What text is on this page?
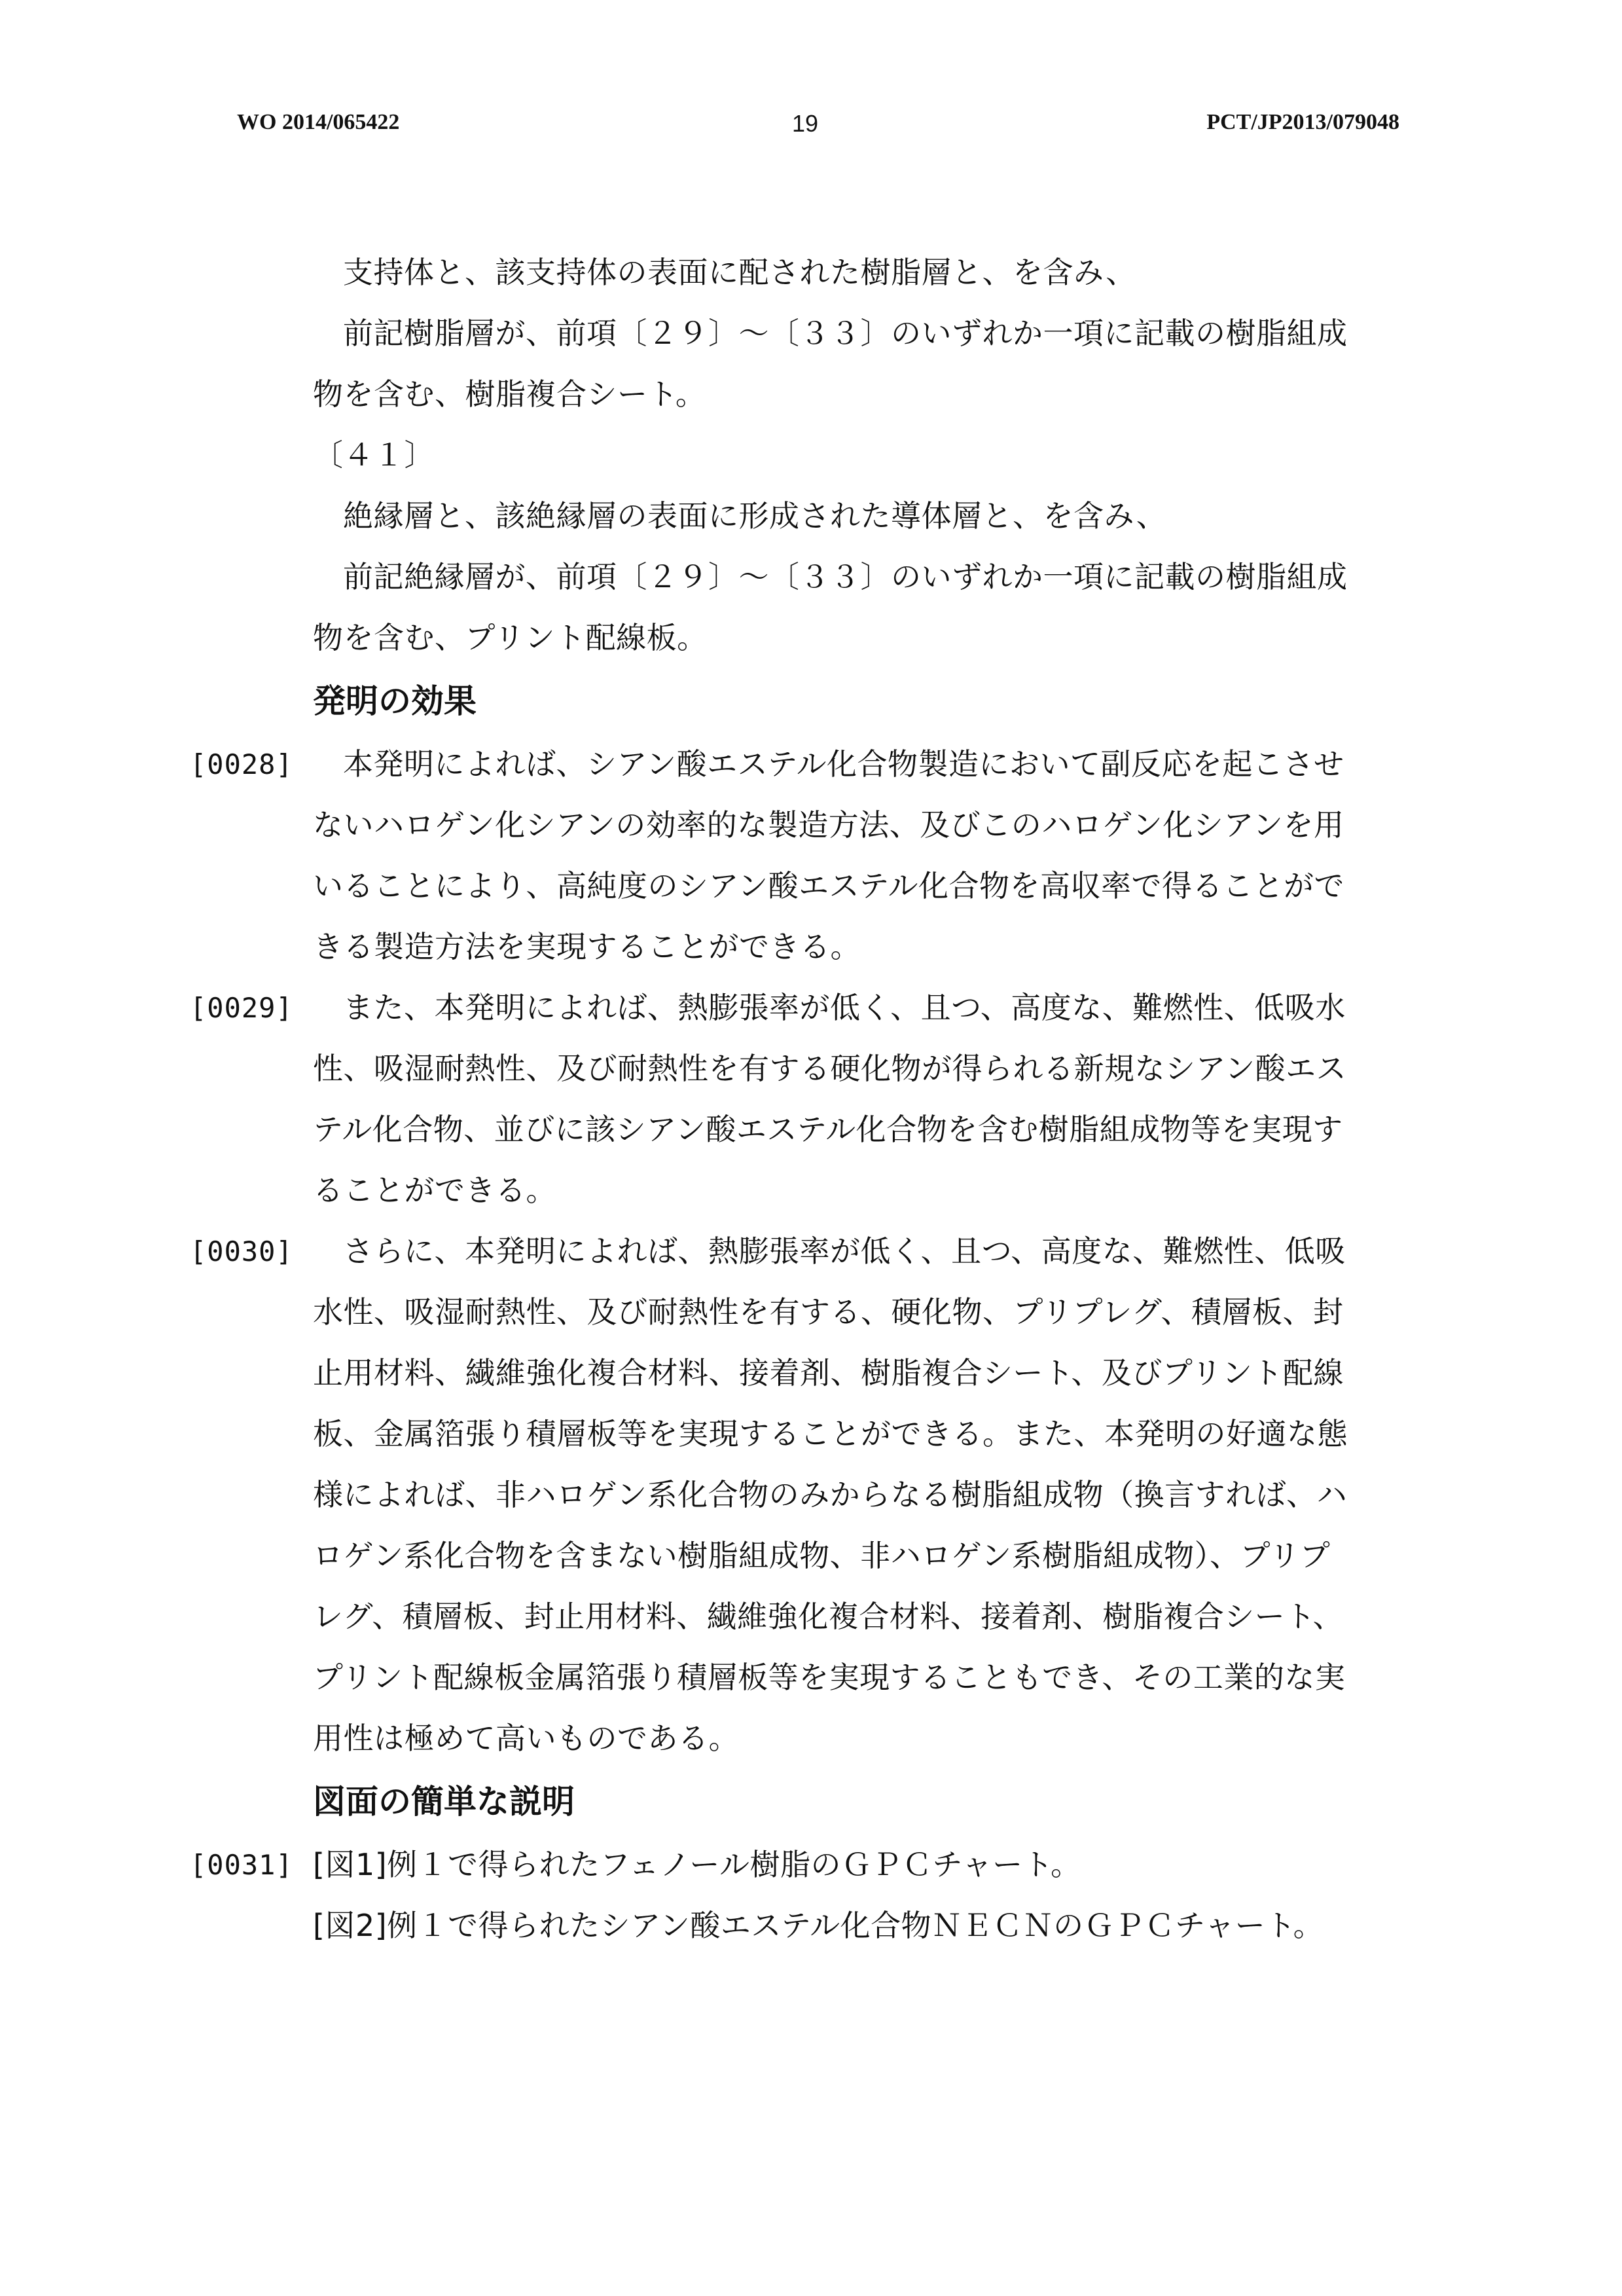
WO 2014/065422	19	PCT/JP2013/079048
支持体と、該支持体の表面に配された樹脂層と、を含み、
前記樹脂層が、前項〔２９〕～〔３３〕のいずれか一項に記載の樹脂組成
物を含む、樹脂複合シート。
〔４１〕
絶縁層と、該絶縁層の表面に形成された導体層と、を含み、
前記絶縁層が、前項〔２９〕～〔３３〕のいずれか一項に記載の樹脂組成
物を含む、プリント配線板。
発明の効果
[0028]	本発明によれば、シアン酸エステル化合物製造において副反応を起こさせ
ないハロゲン化シアンの効率的な製造方法、及びこのハロゲン化シアンを用
いることにより、高純度のシアン酸エステル化合物を高収率で得ることがで
きる製造方法を実現することができる。
[0029]	また、本発明によれば、熱膨張率が低く、且つ、高度な、難燃性、低吸水
性、吸湿耐熱性、及び耐熱性を有する硬化物が得られる新規なシアン酸エス
テル化合物、並びに該シアン酸エステル化合物を含む樹脂組成物等を実現す
ることができる。
[0030]	さらに、本発明によれば、熱膨張率が低く、且つ、高度な、難燃性、低吸
水性、吸湿耐熱性、及び耐熱性を有する、硬化物、プリプレグ、積層板、封
止用材料、繊維強化複合材料、接着剤、樹脂複合シート、及びプリント配線
板、金属箔張り積層板等を実現することができる。また、本発明の好適な態
様によれば、非ハロゲン系化合物のみからなる樹脂組成物（換言すれば、ハ
ロゲン系化合物を含まない樹脂組成物、非ハロゲン系樹脂組成物）、プリプ
レグ、積層板、封止用材料、繊維強化複合材料、接着剤、樹脂複合シート、
プリント配線板金属箔張り積層板等を実現することもでき、その工業的な実
用性は極めて高いものである。
図面の簡単な説明
[0031] [図1]例１で得られたフェノール樹脂のＧＰＣチャート。
[図2]例１で得られたシアン酸エステル化合物ＮＥＣＮのＧＰＣチャート。
